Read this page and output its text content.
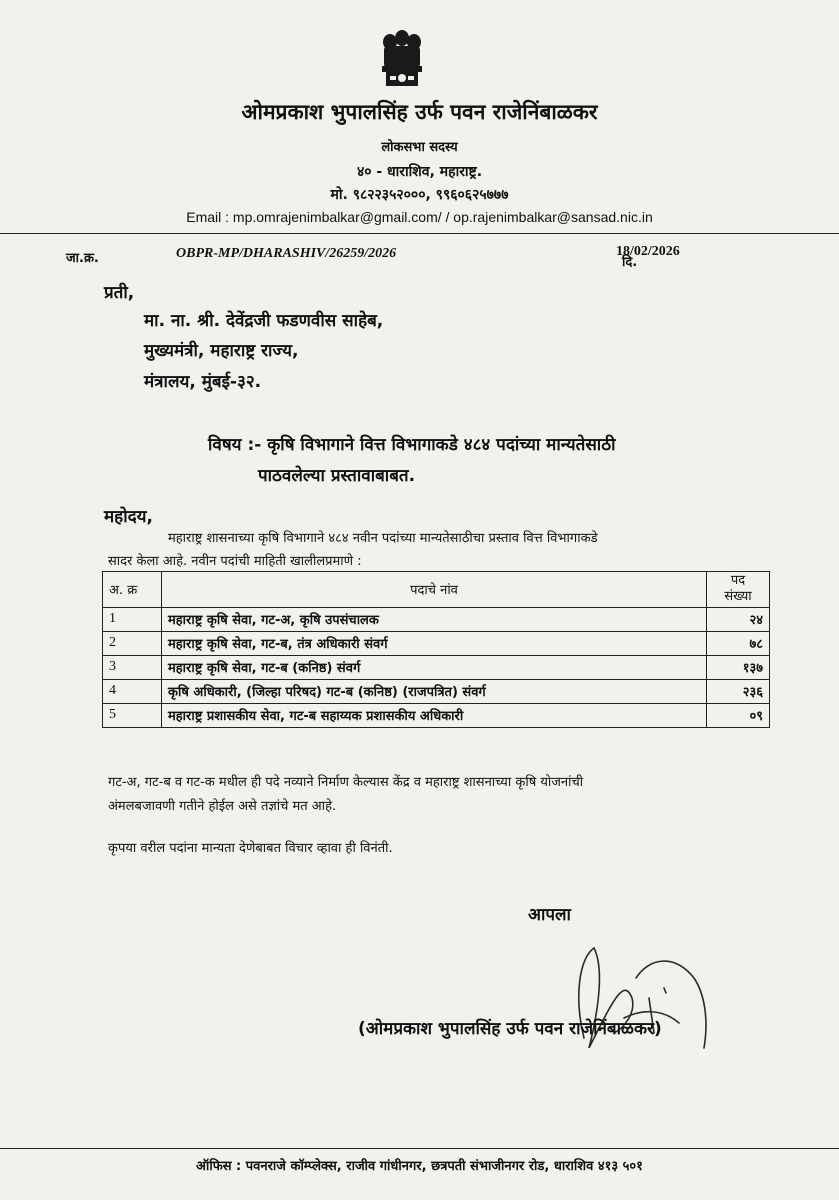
ओमप्रकाश भुपालसिंह उर्फ पवन राजेनिंबाळकर
लोकसभा सदस्य
४० - धाराशिव, महाराष्ट्र.
मो. ९८२२३५२०००, ९९६०६२५७७७
Email : mp.omrajenimbalkar@gmail.com/ / op.rajenimbalkar@sansad.nic.in
जा.क्र.	OBPR-MP/DHARASHIV/26259/2026	18/02/2026
दि.
प्रती,
मा. ना. श्री. देवेंद्रजी फडणवीस साहेब,
मुख्यमंत्री, महाराष्ट्र राज्य,
मंत्रालय, मुंबई-३२.
विषय :- कृषि विभागाने वित्त विभागाकडे ४८४ पदांच्या मान्यतेसाठी
पाठवलेल्या प्रस्तावाबाबत.
महोदय,
महाराष्ट्र शासनाच्या कृषि विभागाने ४८४ नवीन पदांच्या मान्यतेसाठीचा प्रस्ताव वित्त विभागाकडे
सादर केला आहे. नवीन पदांची माहिती खालीलप्रमाणे :
अ. क्र	पदाचे नांव	पद
संख्या
1	महाराष्ट्र कृषि सेवा, गट-अ, कृषि उपसंचालक	२४
2	महाराष्ट्र कृषि सेवा, गट-ब, तंत्र अधिकारी संवर्ग	७८
3	महाराष्ट्र कृषि सेवा, गट-ब (कनिष्ठ) संवर्ग	१३७
4	कृषि अधिकारी, (जिल्हा परिषद) गट-ब (कनिष्ठ) (राजपत्रित) संवर्ग	२३६
5	महाराष्ट्र प्रशासकीय सेवा, गट-ब सहाय्यक प्रशासकीय अधिकारी	०९
गट-अ, गट-ब व गट-क मधील ही पदे नव्याने निर्माण केल्यास केंद्र व महाराष्ट्र शासनाच्या कृषि योजनांची
अंमलबजावणी गतीने होईल असे तज्ञांचे मत आहे.
कृपया वरील पदांना मान्यता देणेबाबत विचार व्हावा ही विनंती.
आपला
(ओमप्रकाश भुपालसिंह उर्फ पवन राजेनिंबाळकर)
ऑफिस : पवनराजे कॉम्प्लेक्स, राजीव गांधीनगर, छत्रपती संभाजीनगर रोड, धाराशिव ४१३ ५०१
